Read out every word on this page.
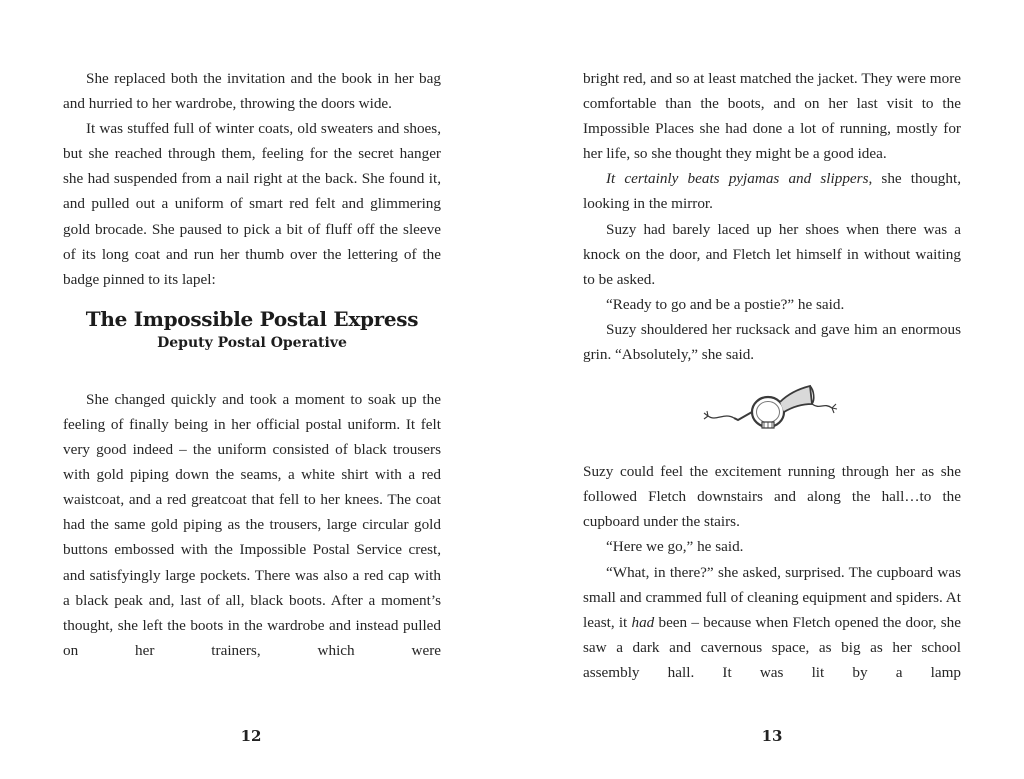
She replaced both the invitation and the book in her bag and hurried to her wardrobe, throwing the doors wide.

It was stuffed full of winter coats, old sweaters and shoes, but she reached through them, feeling for the secret hanger she had suspended from a nail right at the back. She found it, and pulled out a uniform of smart red felt and glimmering gold brocade. She paused to pick a bit of fluff off the sleeve of its long coat and run her thumb over the lettering of the badge pinned to its lapel:

The Impossible Postal Express
Deputy Postal Operative

She changed quickly and took a moment to soak up the feeling of finally being in her official postal uniform. It felt very good indeed – the uniform consisted of black trousers with gold piping down the seams, a white shirt with a red waistcoat, and a red greatcoat that fell to her knees. The coat had the same gold piping as the trousers, large circular gold buttons embossed with the Impossible Postal Service crest, and satisfyingly large pockets. There was also a red cap with a black peak and, last of all, black boots. After a moment’s thought, she left the boots in the wardrobe and instead pulled on her trainers, which were

bright red, and so at least matched the jacket. They were more comfortable than the boots, and on her last visit to the Impossible Places she had done a lot of running, mostly for her life, so she thought they might be a good idea.

It certainly beats pyjamas and slippers, she thought, looking in the mirror.

Suzy had barely laced up her shoes when there was a knock on the door, and Fletch let himself in without waiting to be asked.

“Ready to go and be a postie?” he said.

Suzy shouldered her rucksack and gave him an enormous grin. “Absolutely,” she said.

Suzy could feel the excitement running through her as she followed Fletch downstairs and along the hall…to the cupboard under the stairs.

“Here we go,” he said.

“What, in there?” she asked, surprised. The cupboard was small and crammed full of cleaning equipment and spiders. At least, it had been – because when Fletch opened the door, she saw a dark and cavernous space, as big as her school assembly hall. It was lit by a lamp

12	13
